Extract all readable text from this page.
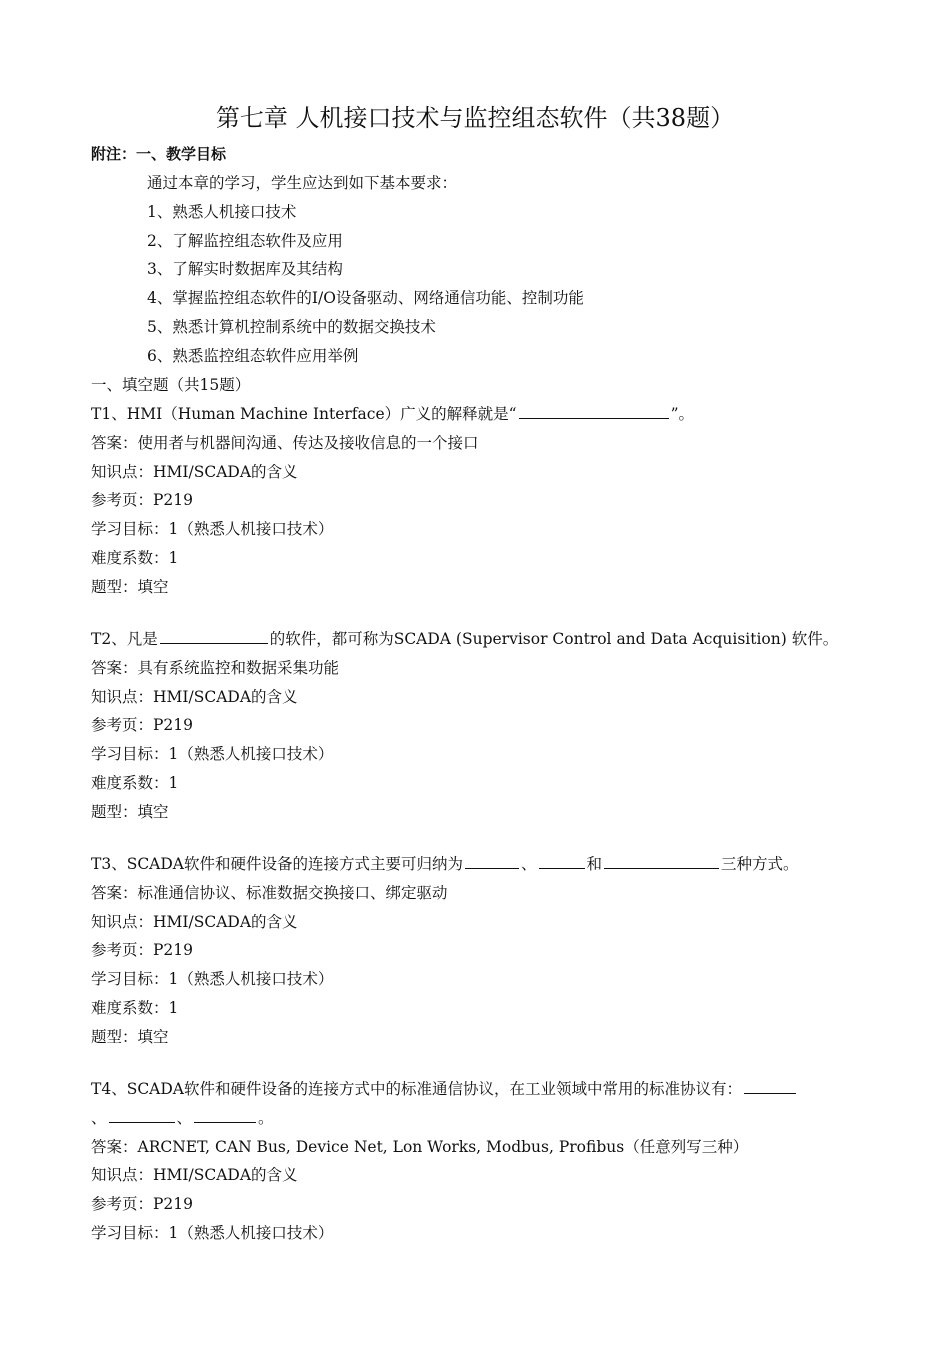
第七章 人机接口技术与监控组态软件（共38题）
附注：一、教学目标
通过本章的学习，学生应达到如下基本要求：
1、熟悉人机接口技术
2、了解监控组态软件及应用
3、了解实时数据库及其结构
4、掌握监控组态软件的I/O设备驱动、网络通信功能、控制功能
5、熟悉计算机控制系统中的数据交换技术
6、熟悉监控组态软件应用举例
一、填空题（共15题）
T1、HMI（Human Machine Interface）广义的解释就是“	”。
答案：使用者与机器间沟通、传达及接收信息的一个接口
知识点：HMI/SCADA的含义
参考页：P219
学习目标：1（熟悉人机接口技术）
难度系数：1
题型：填空
T2、凡是	的软件，都可称为SCADA (Supervisor Control and Data Acquisition) 软件。
答案：具有系统监控和数据采集功能
知识点：HMI/SCADA的含义
参考页：P219
学习目标：1（熟悉人机接口技术）
难度系数：1
题型：填空
T3、SCADA软件和硬件设备的连接方式主要可归纳为	、	和	三种方式。
答案：标准通信协议、标准数据交换接口、绑定驱动
知识点：HMI/SCADA的含义
参考页：P219
学习目标：1（熟悉人机接口技术）
难度系数：1
题型：填空
T4、SCADA软件和硬件设备的连接方式中的标准通信协议，在工业领域中常用的标准协议有：
、	、	。
答案：ARCNET, CAN Bus, Device Net, Lon Works, Modbus, Profibus（任意列写三种）
知识点：HMI/SCADA的含义
参考页：P219
学习目标：1（熟悉人机接口技术）
